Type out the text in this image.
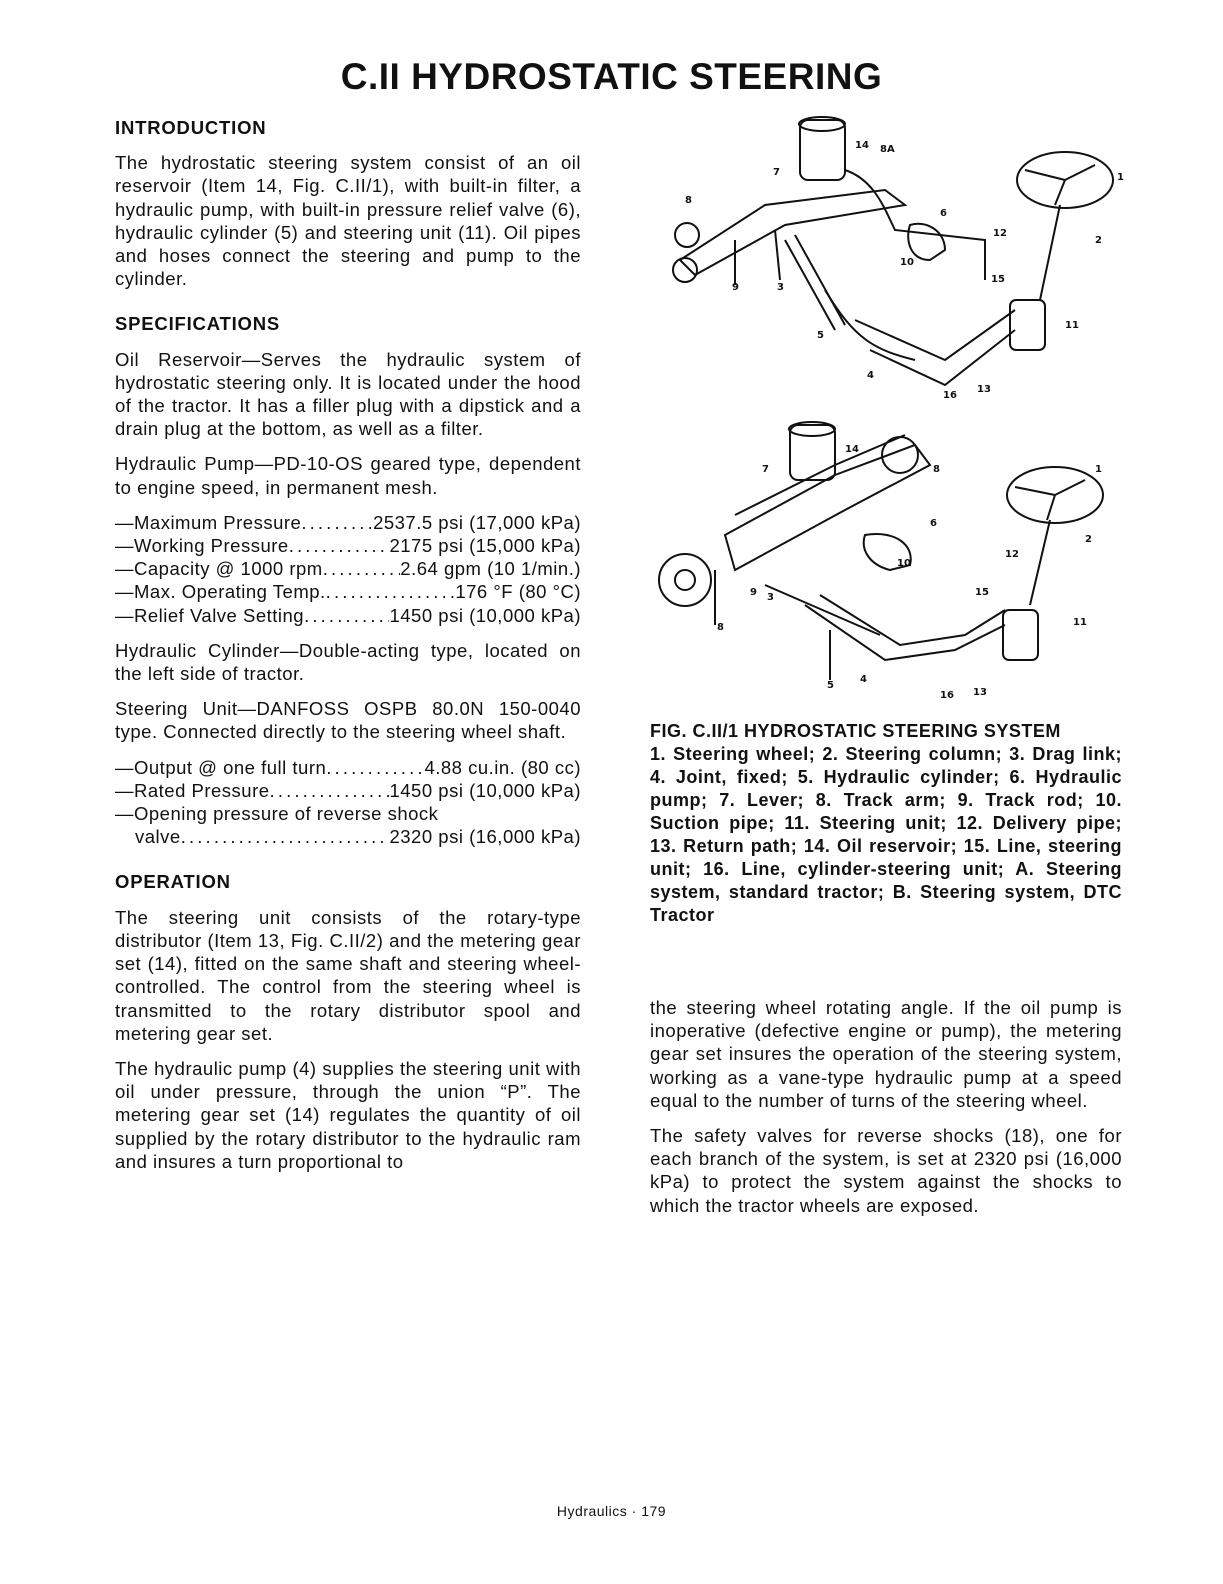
C.II HYDROSTATIC STEERING
INTRODUCTION

The hydrostatic steering system consist of an oil reservoir (Item 14, Fig. C.II/1), with built-in filter, a hydraulic pump, with built-in pressure relief valve (6), hydraulic cylinder (5) and steering unit (11). Oil pipes and hoses connect the steering and pump to the cylinder.

SPECIFICATIONS

Oil Reservoir—Serves the hydraulic system of hydrostatic steering only. It is located under the hood of the tractor. It has a filler plug with a dipstick and a drain plug at the bottom, as well as a filter.

Hydraulic Pump—PD-10-OS geared type, dependent to engine speed, in permanent mesh.

—Maximum Pressure . . .	2537.5 psi (17,000 kPa)
—Working Pressure . . .	2175 psi (15,000 kPa)
—Capacity @ 1000 rpm . . .	2.64 gpm (10 1/min.)
—Max. Operating Temp. . . .	176 °F (80 °C)
—Relief Valve Setting . . .	1450 psi (10,000 kPa)

Hydraulic Cylinder—Double-acting type, located on the left side of tractor.

Steering Unit—DANFOSS OSPB 80.0N 150-0040 type. Connected directly to the steering wheel shaft.

—Output @ one full turn . . .	4.88 cu.in. (80 cc)
—Rated Pressure . . .	1450 psi (10,000 kPa)
—Opening pressure of reverse shock
valve . . .	2320 psi (16,000 kPa)
OPERATION

The steering unit consists of the rotary-type distributor (Item 13, Fig. C.II/2) and the metering gear set (14), fitted on the same shaft and steering wheel-controlled. The control from the steering wheel is transmitted to the rotary distributor spool and metering gear set.

The hydraulic pump (4) supplies the steering unit with oil under pressure, through the union “P”. The metering gear set (14) regulates the quantity of oil supplied by the rotary distributor to the hydraulic ram and insures a turn proportional to

14 8A
1
7
8
6
12
2
10
15
9	3
5
11
4
16
13
14
8	1
7
6
2
12
10
9 3	15
8	11
5
4
16 13
FIG. C.II/1 HYDROSTATIC STEERING SYSTEM
1. Steering wheel; 2. Steering column; 3. Drag link; 4. Joint, fixed; 5. Hydraulic cylinder; 6. Hydraulic pump; 7. Lever; 8. Track arm; 9. Track rod; 10. Suction pipe; 11. Steering unit; 12. Delivery pipe; 13. Return path; 14. Oil reservoir; 15. Line, steering unit; 16. Line, cylinder-steering unit; A. Steering system, standard tractor; B. Steering system, DTC Tractor

the steering wheel rotating angle. If the oil pump is inoperative (defective engine or pump), the metering gear set insures the operation of the steering system, working as a vane-type hydraulic pump at a speed equal to the number of turns of the steering wheel.

The safety valves for reverse shocks (18), one for each branch of the system, is set at 2320 psi (16,000 kPa) to protect the system against the shocks to which the tractor wheels are exposed.

Hydraulics · 179
